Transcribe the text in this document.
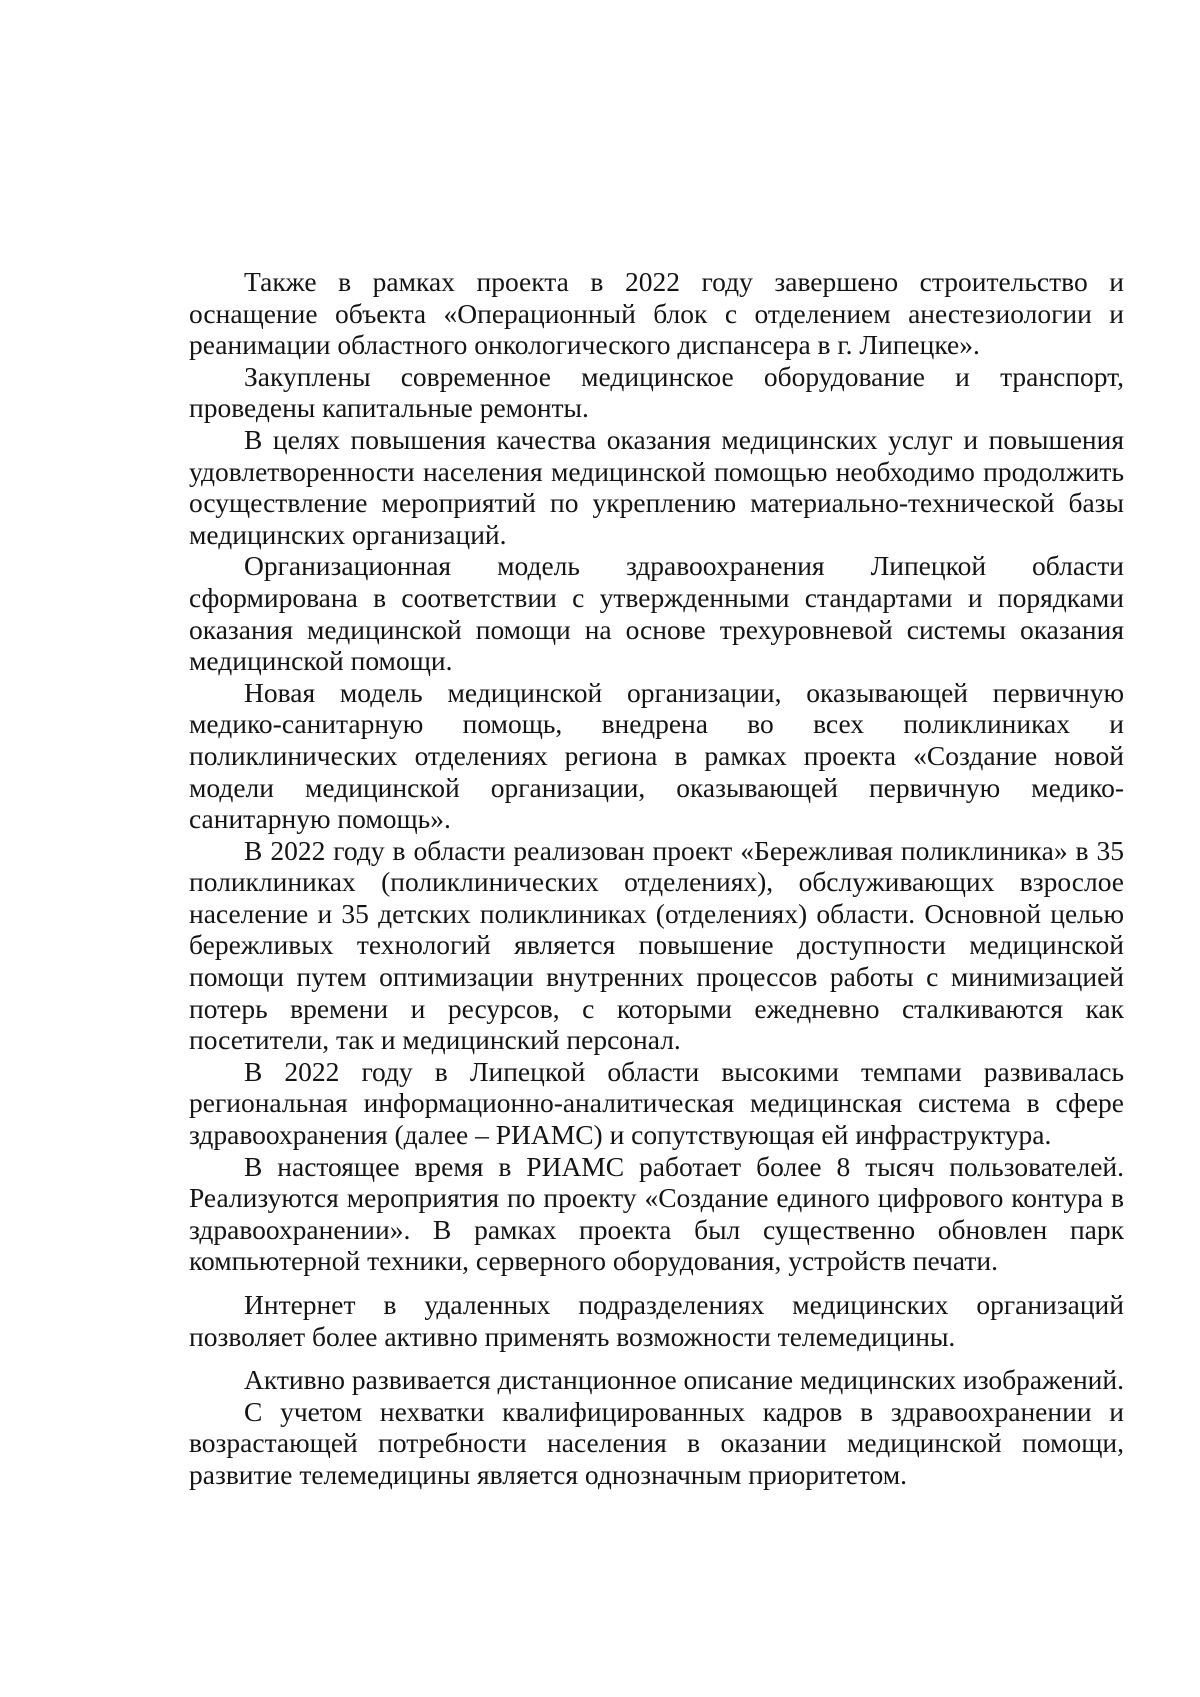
Также в рамках проекта в 2022 году завершено строительство и оснащение объекта «Операционный блок с отделением анестезиологии и реанимации областного онкологического диспансера в г. Липецке».

Закуплены современное медицинское оборудование и транспорт, проведены капитальные ремонты.

В целях повышения качества оказания медицинских услуг и повышения удовлетворенности населения медицинской помощью необходимо продолжить осуществление мероприятий по укреплению материально-технической базы медицинских организаций.

Организационная модель здравоохранения Липецкой области сформирована в соответствии с утвержденными стандартами и порядками оказания медицинской помощи на основе трехуровневой системы оказания медицинской помощи.

Новая модель медицинской организации, оказывающей первичную медико-санитарную помощь, внедрена во всех поликлиниках и поликлинических отделениях региона в рамках проекта «Создание новой модели медицинской организации, оказывающей первичную медико-санитарную помощь».

В 2022 году в области реализован проект «Бережливая поликлиника» в 35 поликлиниках (поликлинических отделениях), обслуживающих взрослое население и 35 детских поликлиниках (отделениях) области. Основной целью бережливых технологий является повышение доступности медицинской помощи путем оптимизации внутренних процессов работы с минимизацией потерь времени и ресурсов, с которыми ежедневно сталкиваются как посетители, так и медицинский персонал.

В 2022 году в Липецкой области высокими темпами развивалась региональная информационно-аналитическая медицинская система в сфере здравоохранения (далее – РИАМС) и сопутствующая ей инфраструктура.

В настоящее время в РИАМС работает более 8 тысяч пользователей. Реализуются мероприятия по проекту «Создание единого цифрового контура в здравоохранении». В рамках проекта был существенно обновлен парк компьютерной техники, серверного оборудования, устройств печати.

Интернет в удаленных подразделениях медицинских организаций позволяет более активно применять возможности телемедицины.

Активно развивается дистанционное описание медицинских изображений.

С учетом нехватки квалифицированных кадров в здравоохранении и возрастающей потребности населения в оказании медицинской помощи, развитие телемедицины является однозначным приоритетом.
